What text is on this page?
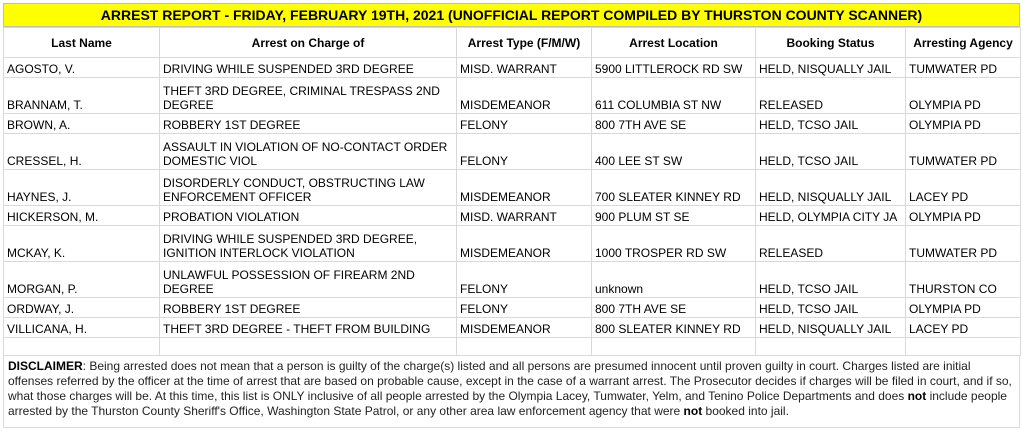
ARREST REPORT - FRIDAY, FEBRUARY 19TH, 2021 (UNOFFICIAL REPORT COMPILED BY THURSTON COUNTY SCANNER)
Last Name	Arrest on Charge of	Arrest Type (F/M/W)	Arrest Location	Booking Status	Arresting Agency
AGOSTO, V.	DRIVING WHILE SUSPENDED 3RD DEGREE	MISD. WARRANT	5900 LITTLEROCK RD SW	HELD, NISQUALLY JAIL	TUMWATER PD
BRANNAM, T.	THEFT 3RD DEGREE, CRIMINAL TRESPASS 2ND DEGREE	MISDEMEANOR	611 COLUMBIA ST NW	RELEASED	OLYMPIA PD
BROWN, A.	ROBBERY 1ST DEGREE	FELONY	800 7TH AVE SE	HELD, TCSO JAIL	OLYMPIA PD
CRESSEL, H.	ASSAULT IN VIOLATION OF NO-CONTACT ORDER DOMESTIC VIOL	FELONY	400 LEE ST SW	HELD, TCSO JAIL	TUMWATER PD
HAYNES, J.	DISORDERLY CONDUCT, OBSTRUCTING LAW ENFORCEMENT OFFICER	MISDEMEANOR	700 SLEATER KINNEY RD	HELD, NISQUALLY JAIL	LACEY PD
HICKERSON, M.	PROBATION VIOLATION	MISD. WARRANT	900 PLUM ST SE	HELD, OLYMPIA CITY JA	OLYMPIA PD
MCKAY, K.	DRIVING WHILE SUSPENDED 3RD DEGREE, IGNITION INTERLOCK VIOLATION	MISDEMEANOR	1000 TROSPER RD SW	RELEASED	TUMWATER PD
MORGAN, P.	UNLAWFUL POSSESSION OF FIREARM 2ND DEGREE	FELONY	unknown	HELD, TCSO JAIL	THURSTON CO
ORDWAY, J.	ROBBERY 1ST DEGREE	FELONY	800 7TH AVE SE	HELD, TCSO JAIL	OLYMPIA PD
VILLICANA, H.	THEFT 3RD DEGREE - THEFT FROM BUILDING	MISDEMEANOR	800 SLEATER KINNEY RD	HELD, NISQUALLY JAIL	LACEY PD

DISCLAIMER: Being arrested does not mean that a person is guilty of the charge(s) listed and all persons are presumed innocent until proven guilty in court. Charges listed are initial offenses referred by the officer at the time of arrest that are based on probable cause, except in the case of a warrant arrest. The Prosecutor decides if charges will be filed in court, and if so, what those charges will be. At this time, this list is ONLY inclusive of all people arrested by the Olympia Lacey, Tumwater, Yelm, and Tenino Police Departments and does not include people arrested by the Thurston County Sheriff's Office, Washington State Patrol, or any other area law enforcement agency that were not booked into jail.
